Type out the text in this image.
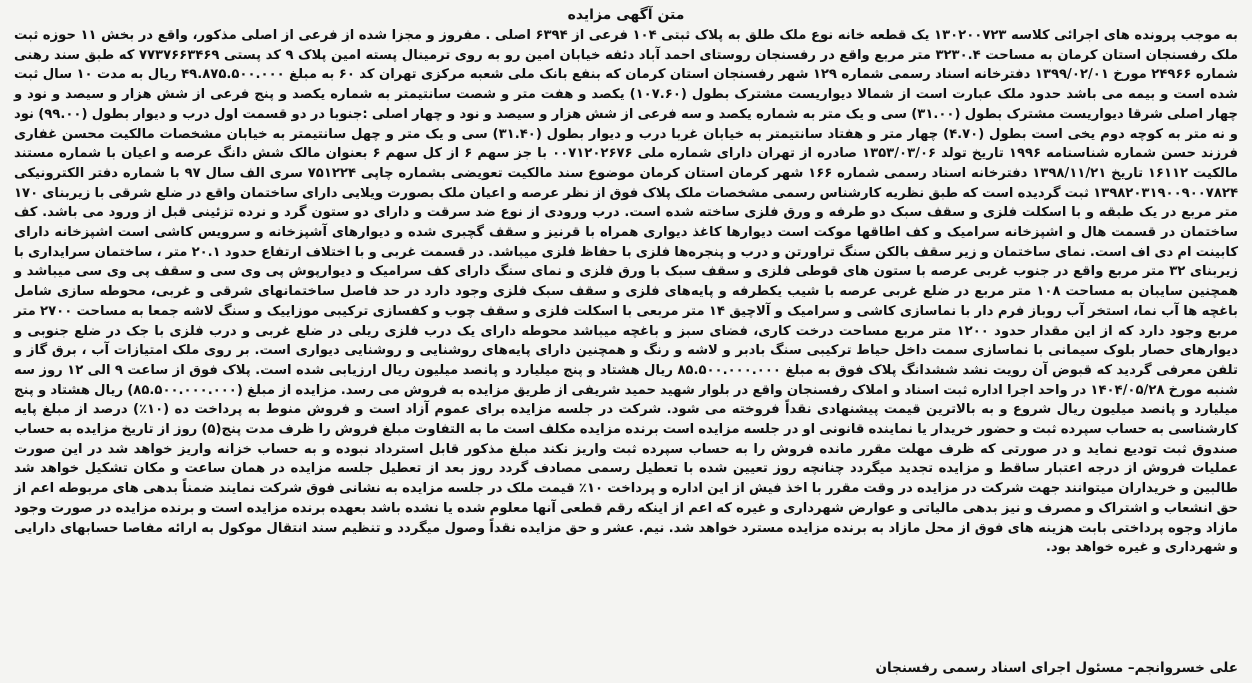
متن آگهی مزایده

به موجب پرونده های اجرائی کلاسه ۱۳۰۲۰۰۷۲۳ یک قطعه خانه نوع ملک طلق به پلاک ثبتی ۱۰۴ فرعی از ۶۳۹۴ اصلی . مفروز و مجزا شده از فرعی از اصلی مذکور، واقع در بخش ۱۱ حوزه ثبت ملک رفسنجان استان کرمان به مساحت ۳۲۳۰.۴ متر مربع واقع در رفسنجان روستای احمد آباد دئفه خیابان امین رو به روی ترمینال پسته امین پلاک ۹ کد پستی ۷۷۳۷۶۶۳۴۶۹ که طبق سند رهنی شماره ۲۴۹۶۶ مورخ ۱۳۹۹/۰۲/۰۱ دفترخانه اسناد رسمی شماره ۱۲۹ شهر رفسنجان استان کرمان که بنفع بانک ملی شعبه مرکزی تهران کد ۶۰ به مبلغ ۴۹.۸۷۵.۵۰۰.۰۰۰ ریال به مدت ۱۰ سال ثبت شده است و بیمه می باشد حدود ملک عبارت است از شمالا دیواریست مشترک بطول (۱۰۷.۶۰) یکصد و هفت متر و شصت سانتیمتر به شماره یکصد و پنج فرعی از شش هزار و سیصد و نود و چهار اصلی شرقا دیواریست مشترک بطول (۳۱.۰۰) سی و یک متر به شماره یکصد و سه فرعی از شش هزار و سیصد و نود و چهار اصلی :جنوبا در دو قسمت اول درب و دیوار بطول (۹۹.۰۰) نود و نه متر به کوچه دوم یخی است بطول (۴.۷۰) چهار متر و هفتاد سانتیمتر به خیابان غربا درب و دیوار بطول (۳۱.۴۰) سی و یک متر و چهل سانتیمتر به خیابان مشخصات مالکیت محسن غفاری فرزند حسن شماره شناسنامه ۱۹۹۶ تاریخ تولد ۱۳۵۳/۰۳/۰۶ صادره از تهران دارای شماره ملی ۰۰۷۱۲۰۲۶۷۶ با جز سهم ۶ از کل سهم ۶ بعنوان مالک شش دانگ عرصه و اعیان با شماره مستند مالکیت ۱۶۱۱۲ تاریخ ۱۳۹۸/۱۱/۲۱ دفترخانه اسناد رسمی شماره ۱۶۶ شهر کرمان استان کرمان موضوع سند مالکیت تعویضی بشماره چاپی ۷۵۱۲۲۴ سری الف سال ۹۷ با شماره دفتر الکترونیکی ۱۳۹۸۲۰۳۱۹۰۰۹۰۰۷۸۲۴ ثبت گردیده است که طبق نظریه کارشناس رسمی مشخصات ملک پلاک فوق از نظر عرصه و اعیان ملک بصورت ویلایی دارای ساختمان واقع در ضلع شرقی با زیربنای ۱۷۰ متر مربع در یک طبقه و با اسکلت فلزی و سقف سبک دو طرفه و ورق فلزی ساخته شده است. درب ورودی از نوع ضد سرقت و دارای دو ستون گرد و نرده تزئینی قبل از ورود می باشد. کف ساختمان در قسمت هال و اشپزخانه سرامیک و کف اطاقها موکت است دیوارها کاغذ دیواری همراه با قرنیز و سقف گچبری شده و دیوارهای آشپزخانه و سرویس کاشی است اشپزخانه دارای کابینت ام دی اف است. نمای ساختمان و زیر سقف بالکن سنگ تراورتن و درب و پنجره‌ها فلزی با حفاظ فلزی میباشد. در قسمت غربی و با اختلاف ارتفاع حدود ۲۰.۱ متر ، ساختمان سرایداری با زیربنای ۳۲ متر مربع واقع در جنوب غربی عرصه با ستون های قوطی فلزی و سقف سبک با ورق فلزی و نمای سنگ دارای کف سرامیک و دیوارپوش پی وی سی و سقف پی وی سی میباشد و همچنین سایبان به مساحت ۱۰۸ متر مربع در ضلع غربی عرصه با شیب یکطرفه و پایه‌های فلزی و سقف سبک فلزی وجود دارد در حد فاصل ساختمانهای شرقی و غربی، محوطه سازی شامل باغچه ها آب نما، استخر آب روباز فرم دار با نماسازی کاشی و سرامیک و آلاچیق ۱۴ متر مربعی با اسکلت فلزی و سقف چوب و کفسازی ترکیبی موزاییک و سنگ لاشه جمعا به مساحت ۲۷۰۰ متر مربع وجود دارد که از این مقدار حدود ۱۲۰۰ متر مربع مساحت درخت کاری، فضای سبز و باغچه میباشد محوطه دارای یک درب فلزی ریلی در ضلع غربی و درب فلزی با جک در ضلع جنوبی و دیوارهای حصار بلوک سیمانی با نماسازی سمت داخل حیاط ترکیبی سنگ بادبر و لاشه و رنگ و همچنین دارای پایه‌های روشنایی و روشنایی دیواری است. بر روی ملک امتیازات آب ، برق گاز و تلفن معرفی گردید که قبوض آن رویت نشد ششدانگ پلاک فوق به مبلغ ۸۵.۵۰۰.۰۰۰.۰۰۰ ریال هشتاد و پنج میلیارد و پانصد میلیون ریال ارزیابی شده است. پلاک فوق از ساعت ۹ الی ۱۲ روز سه شنبه مورخ ۱۴۰۴/۰۵/۲۸ در واحد اجرا اداره ثبت اسناد و املاک رفسنجان واقع در بلوار شهید حمید شریفی از طریق مزایده به فروش می رسد. مزایده از مبلغ (۸۵.۵۰۰.۰۰۰.۰۰۰) ریال هشتاد و پنج میلیارد و پانصد میلیون ریال شروع و به بالاترین قیمت پیشنهادی نقداً فروخته می شود. شرکت در جلسه مزایده برای عموم آزاد است و فروش منوط به پرداخت ده (۱۰٪) درصد از مبلغ پایه کارشناسی به حساب سپرده ثبت و حضور خریدار یا نماینده قانونی او در جلسه مزایده است برنده مزایده مکلف است ما به التفاوت مبلغ فروش را ظرف مدت پنج(۵) روز از تاریخ مزایده به حساب صندوق ثبت تودیع نماید و در صورتی که ظرف مهلت مقرر مانده فروش را به حساب سپرده ثبت واریز نکند مبلغ مذکور قابل استرداد نبوده و به حساب خزانه واریز خواهد شد در این صورت عملیات فروش از درجه اعتبار ساقط و مزایده تجدید میگردد چنانچه روز تعیین شده با تعطیل رسمی مصادف گردد روز بعد از تعطیل جلسه مزایده در همان ساعت و مکان تشکیل خواهد شد طالبین و خریداران میتوانند جهت شرکت در مزایده در وقت مقرر با اخذ فیش از این اداره و پرداخت ۱۰٪ قیمت ملک در جلسه مزایده به نشانی فوق شرکت نمایند ضمناً بدهی های مربوطه اعم از حق انشعاب و اشتراک و مصرف و نیز بدهی مالیاتی و عوارض شهرداری و غیره که اعم از اینکه رقم قطعی آنها معلوم شده یا نشده باشد بعهده برنده مزایده است و برنده مزایده در صورت وجود مازاد وجوه پرداختی بابت هزینه های فوق از محل مازاد به برنده مزایده مسترد خواهد شد. نیم. عشر و حق مزایده نقداً وصول میگردد و تنظیم سند انتقال موکول به ارائه مفاصا حسابهای دارایی و شهرداری و غیره خواهد بود.

علی خسروانجم– مسئول اجرای اسناد رسمی رفسنجان
